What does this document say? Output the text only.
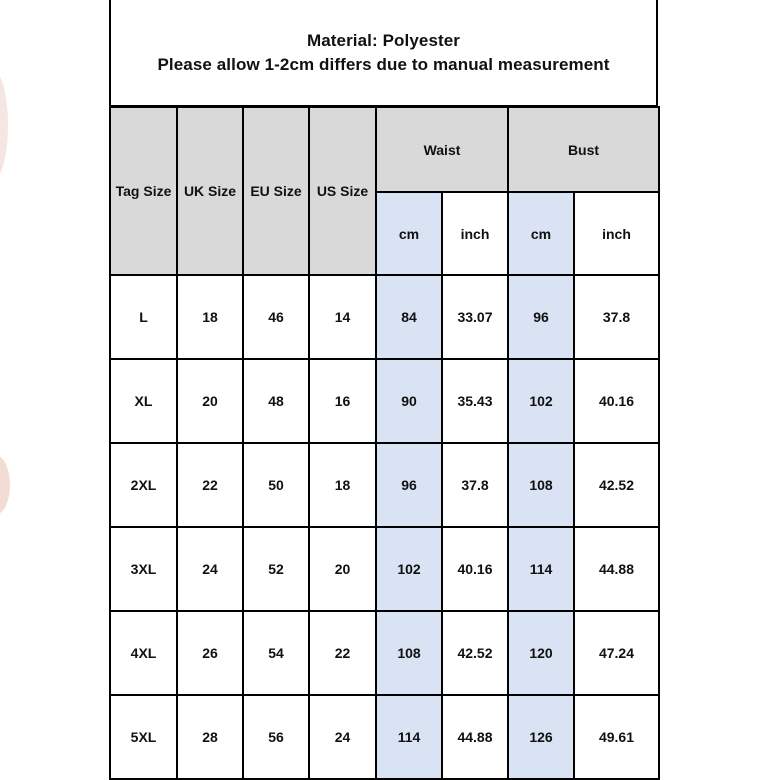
Material: Polyester
Please allow 1-2cm differs due to manual measurement
Tag Size	UK Size	EU Size	US Size	Waist		Bust	
				cm	inch	cm	inch
L	18	46	14	84	33.07	96	37.8
XL	20	48	16	90	35.43	102	40.16
2XL	22	50	18	96	37.8	108	42.52
3XL	24	52	20	102	40.16	114	44.88
4XL	26	54	22	108	42.52	120	47.24
5XL	28	56	24	114	44.88	126	49.61
